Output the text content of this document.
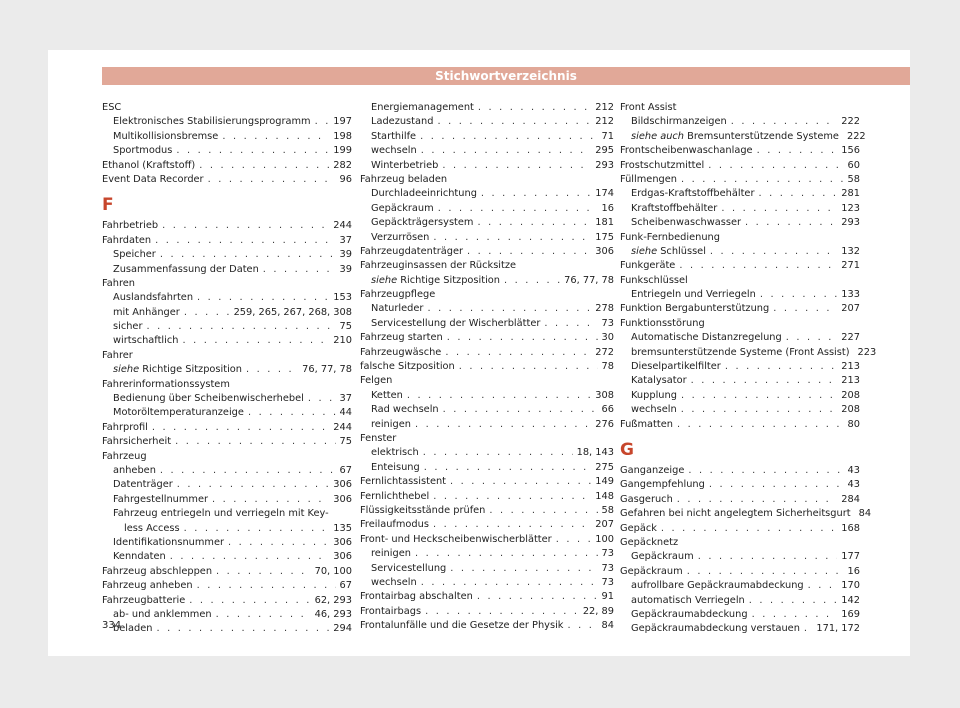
Stichwortverzeichnis
ESC
Elektronisches Stabilisierungsprogramm . . . 197
Multikollisionsbremse . . .	198
Sportmodus . . .	199
Ethanol (Kraftstoff) . . .	282
Event Data Recorder . . .	96
F
Fahrbetrieb . . .	244
Fahrdaten . . .	37
Speicher . . .	39
Zusammenfassung der Daten . . .	39
Fahren
Auslandsfahrten . . .	153
mit Anhänger . . .	259, 265, 267, 268, 308
sicher . . .	75
wirtschaftlich . . .	210
Fahrer
siehe Richtige Sitzposition . . .	76, 77, 78
Fahrerinformationssystem
Bedienung über Scheibenwischerhebel . . .	37
Motoröltemperaturanzeige . . .	44
Fahrprofil . . .	244
Fahrsicherheit . . .	75
Fahrzeug
anheben . . .	67
Datenträger . . .	306
Fahrgestellnummer . . .	306
Fahrzeug entriegeln und verriegeln mit Key-
less Access . . .	135
Identifikationsnummer . . .	306
Kenndaten . . .	306
Fahrzeug abschleppen . . .	70, 100
Fahrzeug anheben . . .	67
Fahrzeugbatterie . . .	62, 293
ab- und anklemmen . . .	46, 293
beladen . . .	294
Energiemanagement . . .	212
Ladezustand . . .	212
Starthilfe . . .	71
wechseln . . .	295
Winterbetrieb . . .	293
Fahrzeug beladen
Durchladeeinrichtung . . .	174
Gepäckraum . . .	16
Gepäckträgersystem . . .	181
Verzurrösen . . .	175
Fahrzeugdatenträger . . .	306
Fahrzeuginsassen der Rücksitze
siehe Richtige Sitzposition . . .	76, 77, 78
Fahrzeugpflege
Naturleder . . .	278
Servicestellung der Wischerblätter . . .	73
Fahrzeug starten . . .	30
Fahrzeugwäsche . . .	272
falsche Sitzposition . . .	78
Felgen
Ketten . . .	308
Rad wechseln . . .	66
reinigen . . .	276
Fenster
elektrisch . . .	18, 143
Enteisung . . .	275
Fernlichtassistent . . .	149
Fernlichthebel . . .	148
Flüssigkeitsstände prüfen . . .	58
Freilaufmodus . . .	207
Front- und Heckscheibenwischerblätter . . .	100
reinigen . . .	73
Servicestellung . . .	73
wechseln . . .	73
Frontairbag abschalten . . .	91
Frontairbags . . .	22, 89
Frontalunfälle und die Gesetze der Physik . . .	84
Front Assist
Bildschirmanzeigen . . .	222
siehe auch Bremsunterstützende Systeme 222
Frontscheibenwaschanlage . . .	156
Frostschutzmittel . . .	60
Füllmengen . . .	58
Erdgas-Kraftstoffbehälter . . .	281
Kraftstoffbehälter . . .	123
Scheibenwaschwasser . . .	293
Funk-Fernbedienung
siehe Schlüssel . . .	132
Funkgeräte . . .	271
Funkschlüssel
Entriegeln und Verriegeln . . .	133
Funktion Bergabunterstützung . . .	207
Funktionsstörung
Automatische Distanzregelung . . .	227
bremsunterstützende Systeme (Front Assist) 223
Dieselpartikelfilter . . .	213
Katalysator . . .	213
Kupplung . . .	208
wechseln . . .	208
Fußmatten . . .	80
G
Ganganzeige . . .	43
Gangempfehlung . . .	43
Gasgeruch . . .	284
Gefahren bei nicht angelegtem Sicherheitsgurt 84
Gepäck . . .	168
Gepäcknetz
Gepäckraum . . .	177
Gepäckraum . . .	16
aufrollbare Gepäckraumabdeckung . . .	170
automatisch Verriegeln . . .	142
Gepäckraumabdeckung . . .	169
Gepäckraumabdeckung verstauen . . . 171, 172
334
